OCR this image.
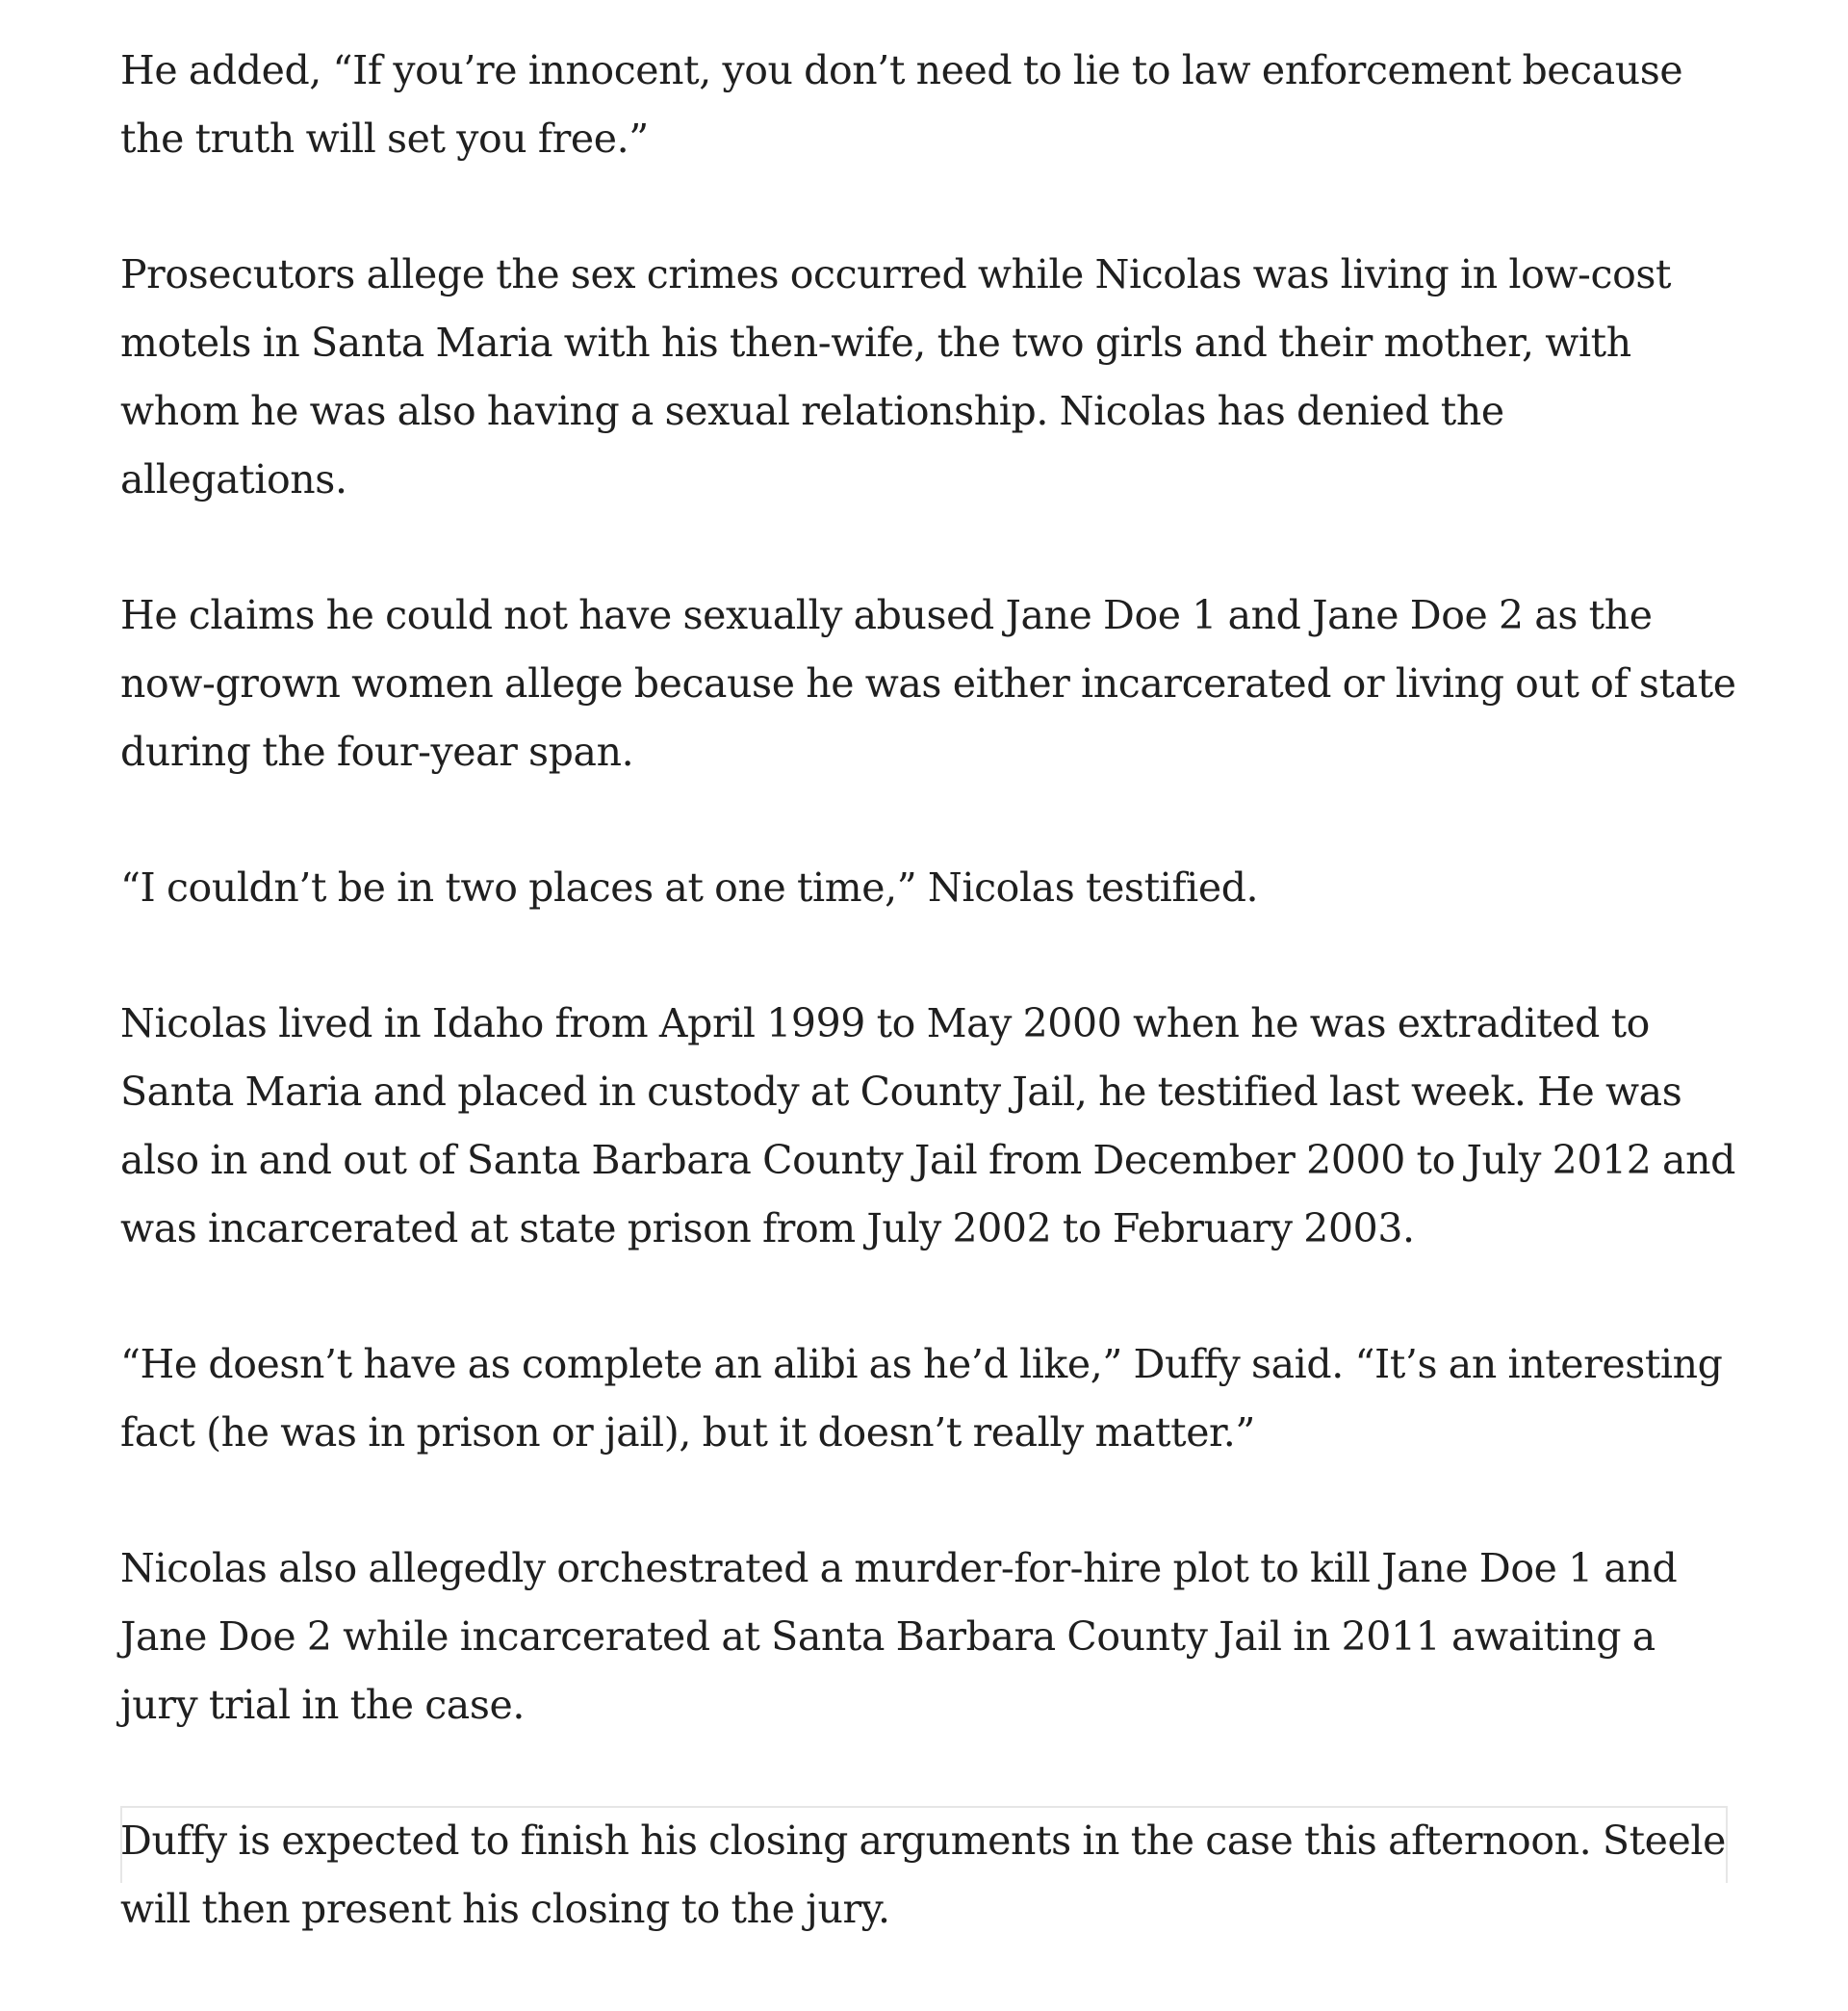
He added, “If you’re innocent, you don’t need to lie to law enforcement because the truth will set you free.”

Prosecutors allege the sex crimes occurred while Nicolas was living in low-cost motels in Santa Maria with his then-wife, the two girls and their mother, with whom he was also having a sexual relationship. Nicolas has denied the allegations.

He claims he could not have sexually abused Jane Doe 1 and Jane Doe 2 as the now-grown women allege because he was either incarcerated or living out of state during the four-year span.

“I couldn’t be in two places at one time,” Nicolas testified.

Nicolas lived in Idaho from April 1999 to May 2000 when he was extradited to Santa Maria and placed in custody at County Jail, he testified last week. He was also in and out of Santa Barbara County Jail from December 2000 to July 2012 and was incarcerated at state prison from July 2002 to February 2003.

“He doesn’t have as complete an alibi as he’d like,” Duffy said. “It’s an interesting fact (he was in prison or jail), but it doesn’t really matter.”

Nicolas also allegedly orchestrated a murder-for-hire plot to kill Jane Doe 1 and Jane Doe 2 while incarcerated at Santa Barbara County Jail in 2011 awaiting a jury trial in the case.

Duffy is expected to finish his closing arguments in the case this afternoon. Steele will then present his closing to the jury.
